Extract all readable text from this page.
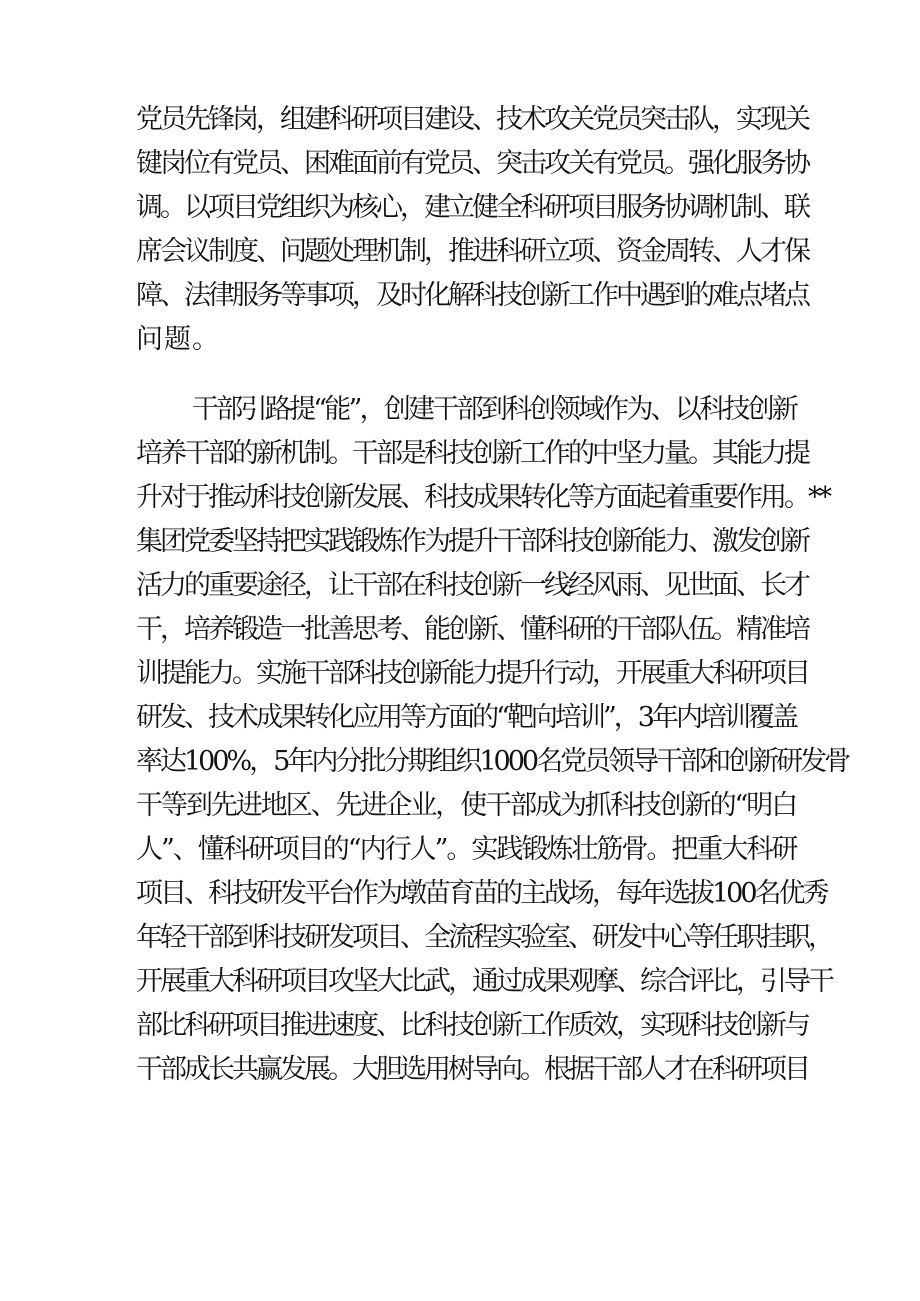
党员先锋岗，组建科研项目建设、技术攻关党员突击队，实现关
键岗位有党员、困难面前有党员、突击攻关有党员。强化服务协
调。以项目党组织为核心，建立健全科研项目服务协调机制、联
席会议制度、问题处理机制，推进科研立项、资金周转、人才保
障、法律服务等事项，及时化解科技创新工作中遇到的难点堵点
问题。
干部引路提“能”，创建干部到科创领域作为、以科技创新
培养干部的新机制。干部是科技创新工作的中坚力量。其能力提
升对于推动科技创新发展、科技成果转化等方面起着重要作用。**
集团党委坚持把实践锻炼作为提升干部科技创新能力、激发创新
活力的重要途径，让干部在科技创新一线经风雨、见世面、长才
干，培养锻造一批善思考、能创新、懂科研的干部队伍。精准培
训提能力。实施干部科技创新能力提升行动，开展重大科研项目
研发、技术成果转化应用等方面的“靶向培训”，3年内培训覆盖
率达100%，5年内分批分期组织1000名党员领导干部和创新研发骨
干等到先进地区、先进企业，使干部成为抓科技创新的“明白
人”、懂科研项目的“内行人”。实践锻炼壮筋骨。把重大科研
项目、科技研发平台作为墩苗育苗的主战场，每年选拔100名优秀
年轻干部到科技研发项目、全流程实验室、研发中心等任职挂职，
开展重大科研项目攻坚大比武，通过成果观摩、综合评比，引导干
部比科研项目推进速度、比科技创新工作质效，实现科技创新与
干部成长共赢发展。大胆选用树导向。根据干部人才在科研项目
